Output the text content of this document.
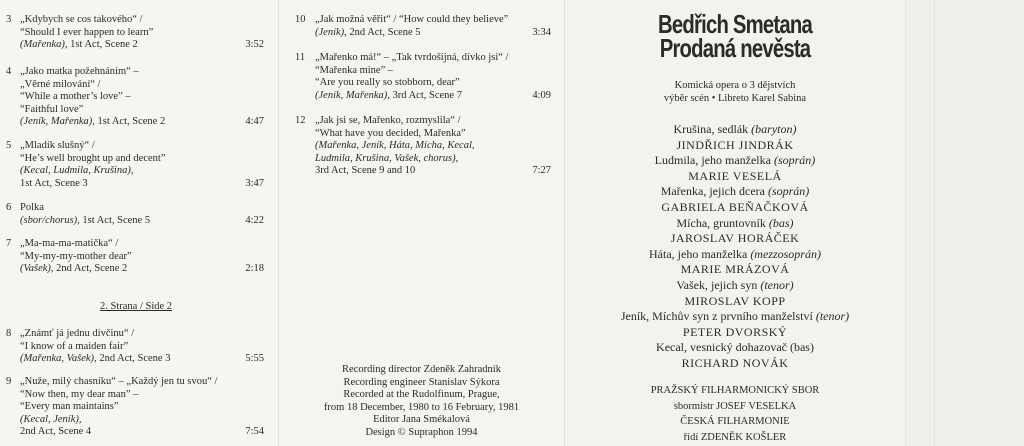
2. Strana / Side 2
3 „Kdybych se cos takového“ /
“Should I ever happen to learn”
(Mařenka), 1st Act, Scene 2	3:52
4 „Jako matka požehnáním“ –
„Věrné milování“ /
“While a mother’s love” –
“Faithful love”
(Jeník, Mařenka), 1st Act, Scene 2	4:47
5 „Mladík slušný“ /
“He’s well brought up and decent”
(Kecal, Ludmila, Krušina),
1st Act, Scene 3	3:47
6 Polka
(sbor/chorus), 1st Act, Scene 5	4:22
7 „Ma-ma-ma-matička“ /
“My-my-my-mother dear”
(Vašek), 2nd Act, Scene 2	2:18
8 „Známť já jednu dívčinu“ /
“I know of a maiden fair”
(Mařenka, Vašek), 2nd Act, Scene 3	5:55
9 „Nuže, milý chasníku“ – „Každý jen tu svou“ /
“Now then, my dear man” –
“Every man maintains”
(Kecal, Jeník),
2nd Act, Scene 4	7:54
Recording director Zdeněk Zahradník
Recording engineer Stanislav Sýkora
Recorded at the Rudolfinum, Prague,
from 18 December, 1980 to 16 February, 1981
Editor Jana Smékalová
Design © Supraphon 1994
10 „Jak možná věřit“ / “How could they believe”
(Jeník), 2nd Act, Scene 5	3:34
11 „Mařenko má!“ – „Tak tvrdošíjná, dívko jsi“ /
“Mařenka mine” –
“Are you really so stobborn, dear”
(Jeník, Mařenka), 3rd Act, Scene 7	4:09
12 „Jak jsi se, Mařenko, rozmyslila“ /
“What have you decided, Mařenka”
(Mařenka, Jeník, Háta, Mícha, Kecal,
Ludmila, Krušina, Vašek, chorus),
3rd Act, Scene 9 and 10	7:27
Bedřich Smetana
Prodaná nevěsta
Komická opera o 3 dějstvích
výběr scén • Libreto Karel Sabina
Krušina, sedlák (baryton)
JINDŘICH JINDRÁK
Ludmila, jeho manželka (soprán)
MARIE VESELÁ
Mařenka, jejich dcera (soprán)
GABRIELA BEŇAČKOVÁ
Mícha, gruntovník (bas)
JAROSLAV HORÁČEK
Háta, jeho manželka (mezzosoprán)
MARIE MRÁZOVÁ
Vašek, jejich syn (tenor)
MIROSLAV KOPP
Jeník, Míchův syn z prvního manželství (tenor)
PETER DVORSKÝ
Kecal, vesnický dohazovač (bas)
RICHARD NOVÁK
PRAŽSKÝ FILHARMONICKÝ SBOR
sbormistr JOSEF VESELKA
ČESKÁ FILHARMONIE
řídí ZDENĚK KOŠLER
